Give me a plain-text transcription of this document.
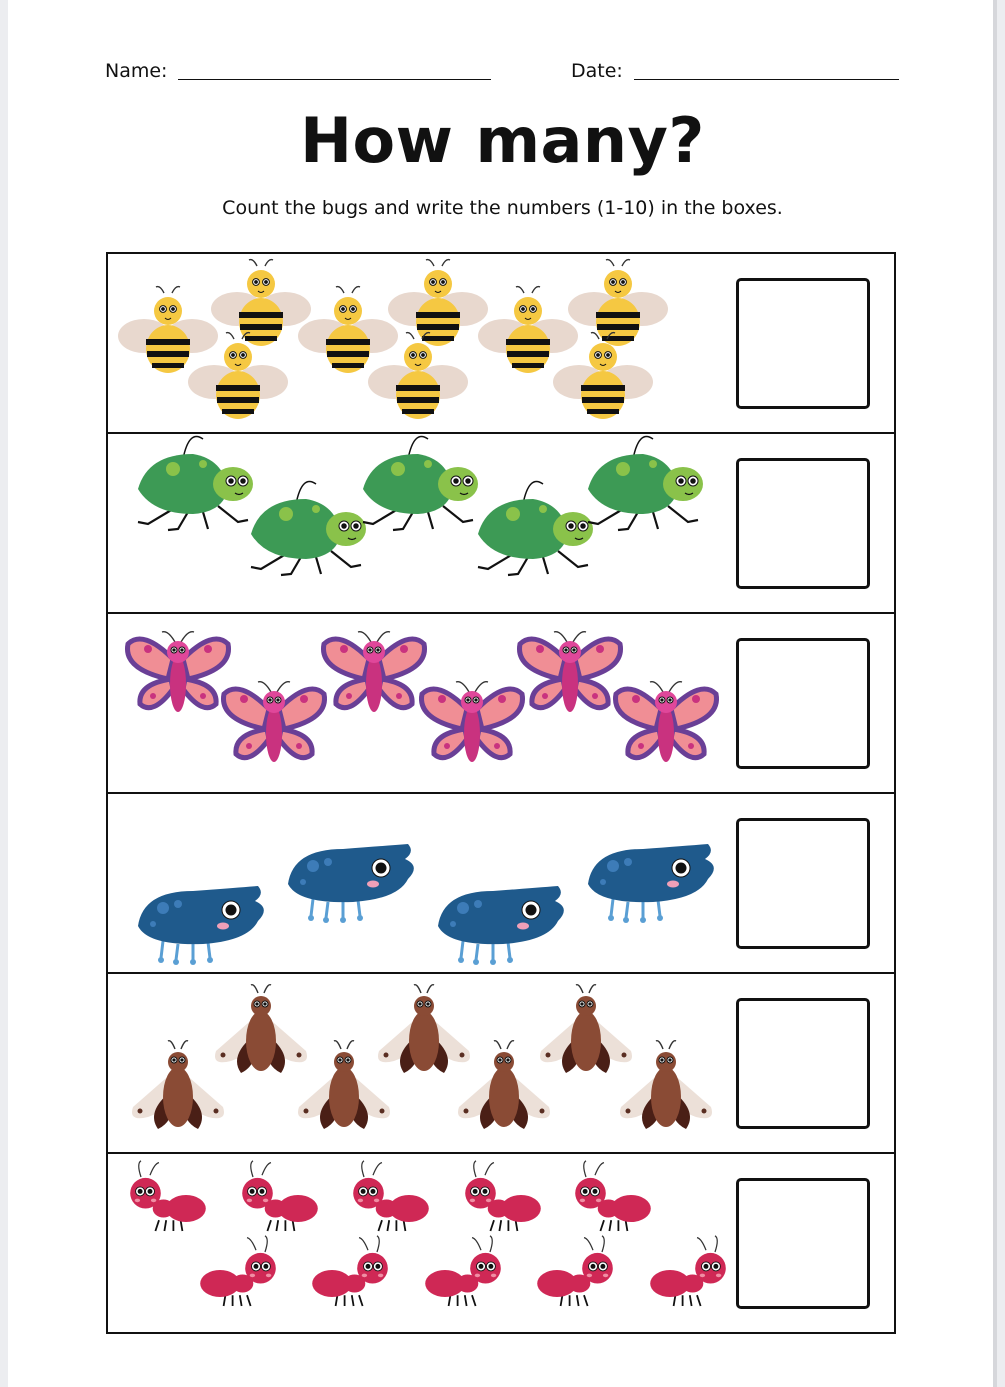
Name:	Date:
How many?
Count the bugs and write the numbers (1-10) in the boxes.
